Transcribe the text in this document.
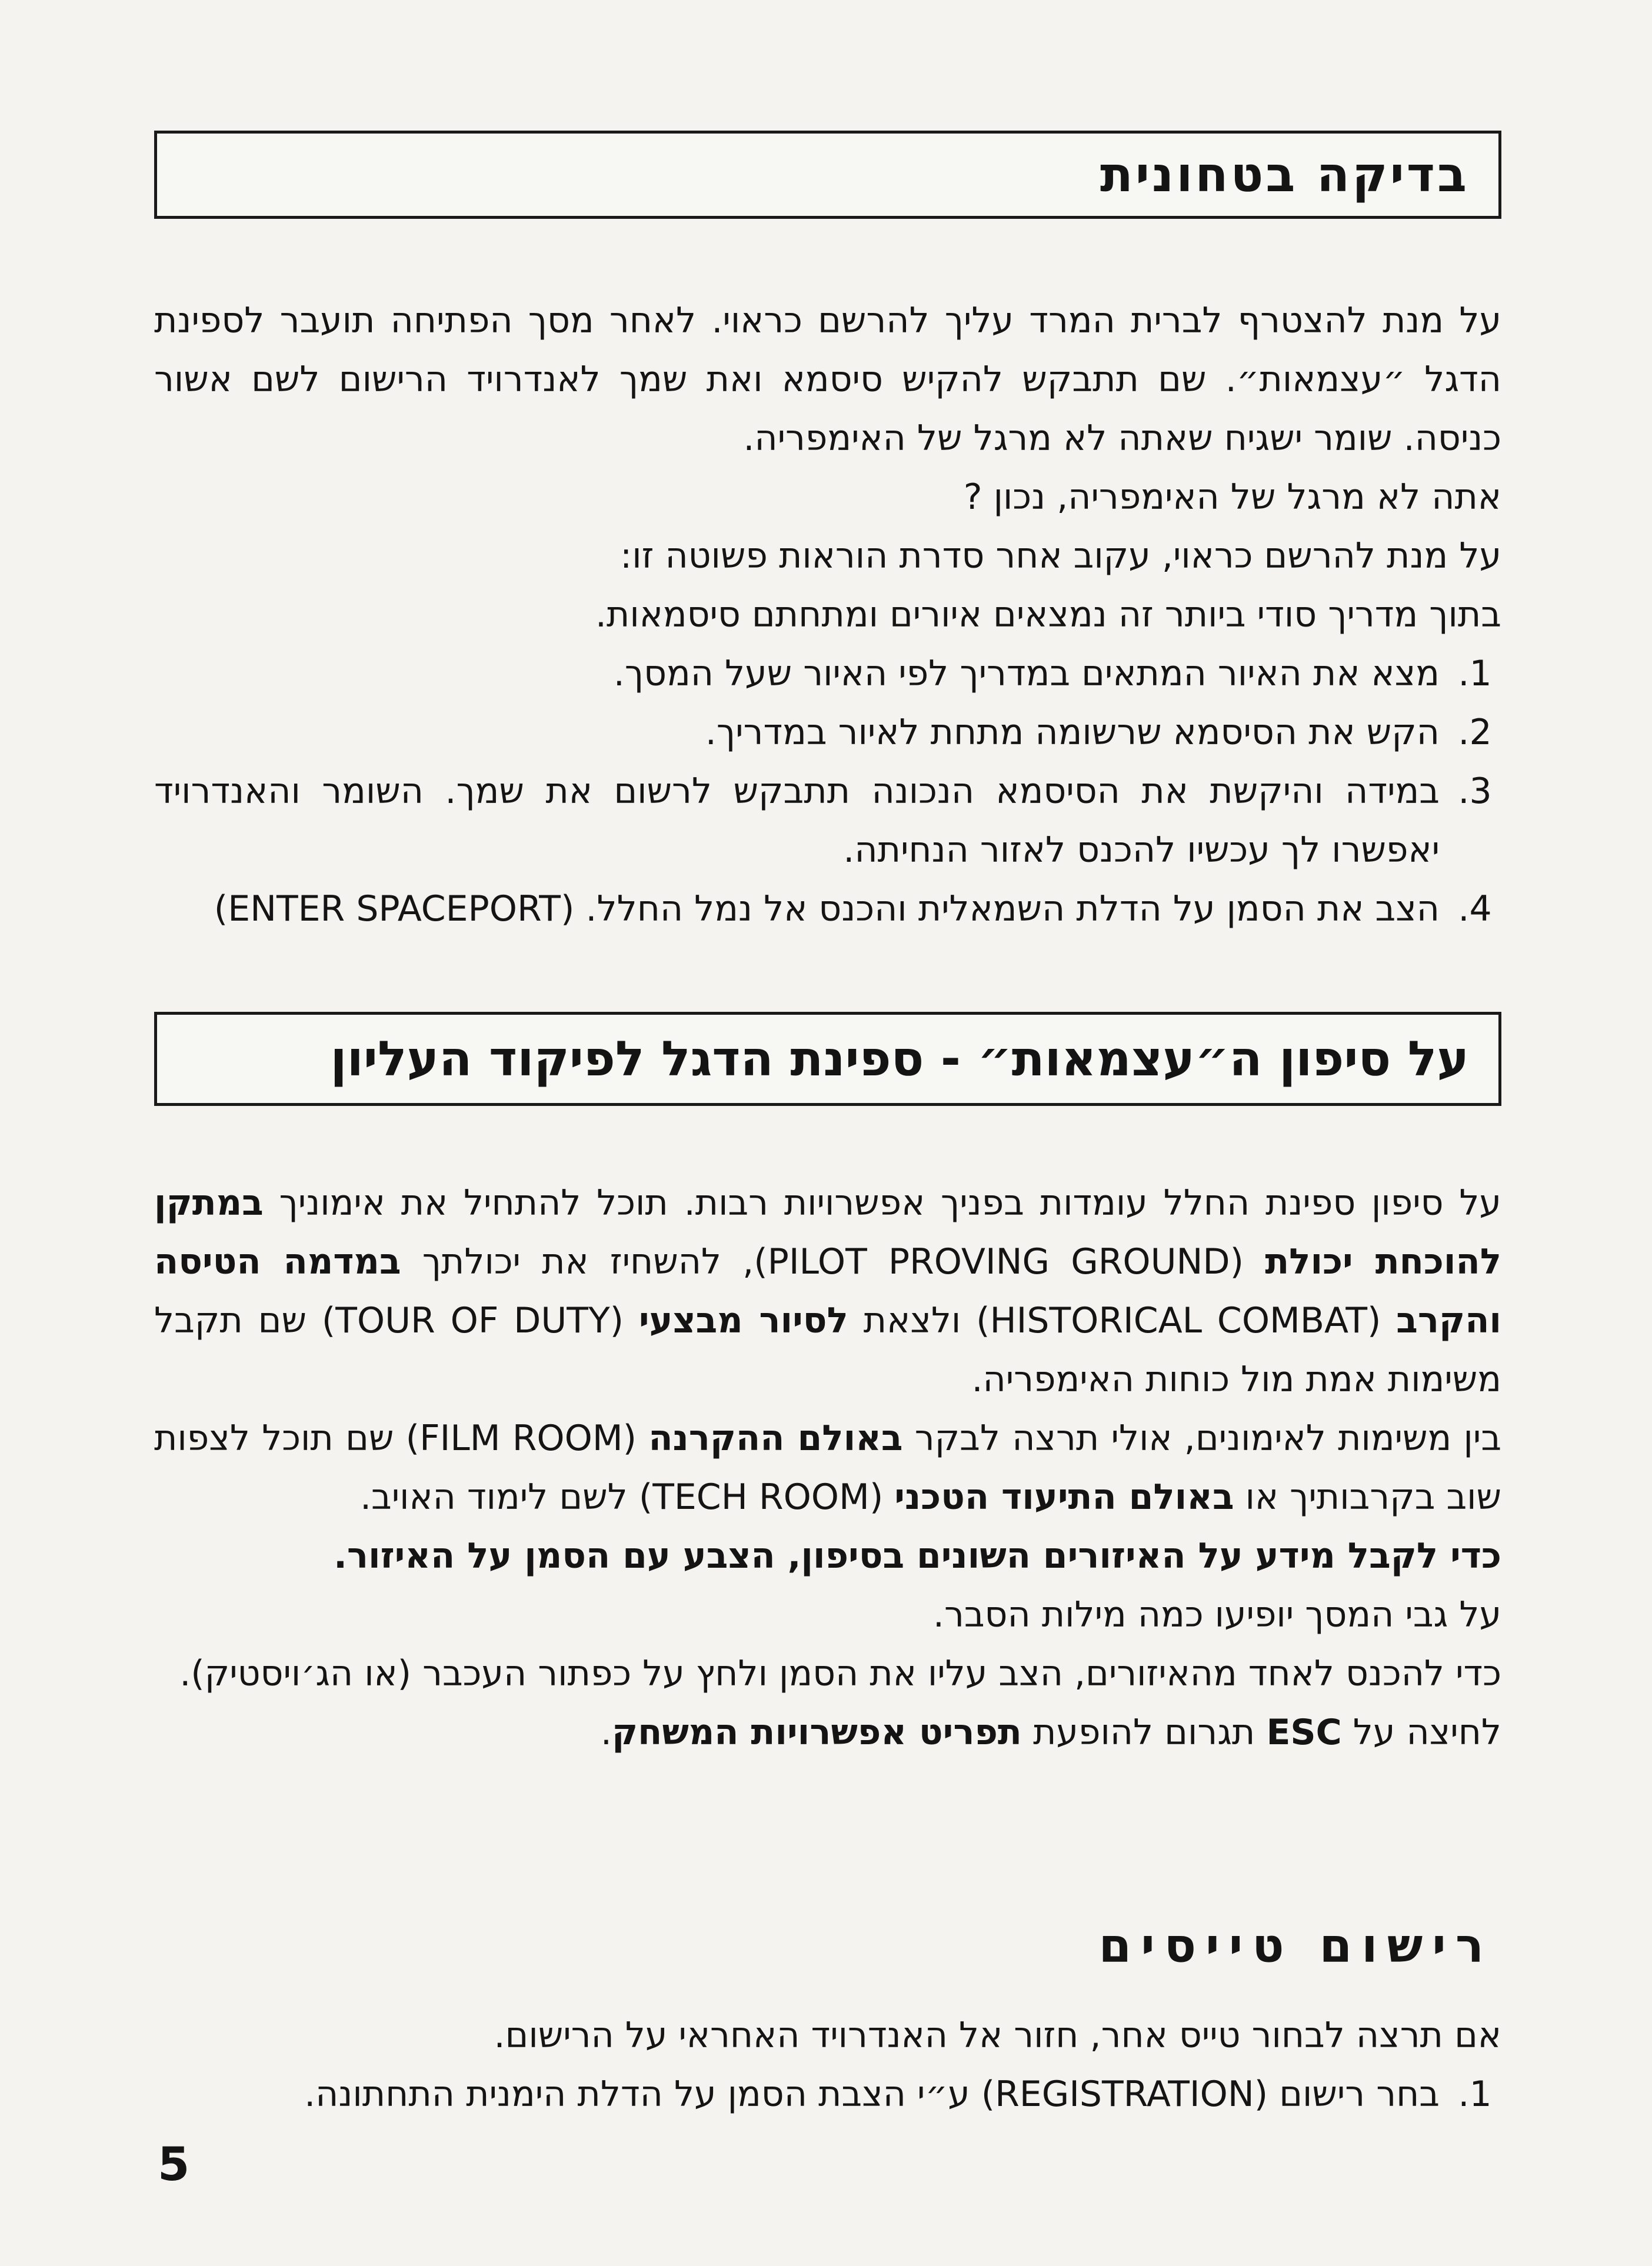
בדיקה בטחונית

על מנת להצטרף לברית המרד עליך להרשם כראוי. לאחר מסך הפתיחה תועבר לספינת הדגל ״עצמאות״. שם תתבקש להקיש סיסמא ואת שמך לאנדרויד הרישום לשם אשור כניסה. שומר ישגיח שאתה לא מרגל של האימפריה.

אתה לא מרגל של האימפריה, נכון ?

על מנת להרשם כראוי, עקוב אחר סדרת הוראות פשוטה זו:

בתוך מדריך סודי ביותר זה נמצאים איורים ומתחתם סיסמאות.

1.
מצא את האיור המתאים במדריך לפי האיור שעל המסך.
2.
הקש את הסיסמא שרשומה מתחת לאיור במדריך.
3.
במידה והיקשת את הסיסמא הנכונה תתבקש לרשום את שמך. השומר והאנדרויד יאפשרו לך עכשיו להכנס לאזור הנחיתה.
4.
הצב את הסמן על הדלת השמאלית והכנס אל נמל החלל. (ENTER SPACEPORT)
על סיפון ה״עצמאות״ - ספינת הדגל לפיקוד העליון

על סיפון ספינת החלל עומדות בפניך אפשרויות רבות. תוכל להתחיל את אימוניך במתקן להוכחת יכולת (PILOT PROVING GROUND), להשחיז את יכולתך במדמה הטיסה והקרב (HISTORICAL COMBAT) ולצאת לסיור מבצעי (TOUR OF DUTY) שם תקבל משימות אמת מול כוחות האימפריה.

בין משימות לאימונים, אולי תרצה לבקר באולם ההקרנה (FILM ROOM) שם תוכל לצפות שוב בקרבותיך או באולם התיעוד הטכני (TECH ROOM) לשם לימוד האויב.

כדי לקבל מידע על האיזורים השונים בסיפון, הצבע עם הסמן על האיזור.

על גבי המסך יופיעו כמה מילות הסבר.

כדי להכנס לאחד מהאיזורים, הצב עליו את הסמן ולחץ על כפתור העכבר (או הג׳ויסטיק).

לחיצה על ESC תגרום להופעת תפריט אפשרויות המשחק.

רישום טייסים

אם תרצה לבחור טייס אחר, חזור אל האנדרויד האחראי על הרישום.

1.
בחר רישום (REGISTRATION) ע״י הצבת הסמן על הדלת הימנית התחתונה.
5
